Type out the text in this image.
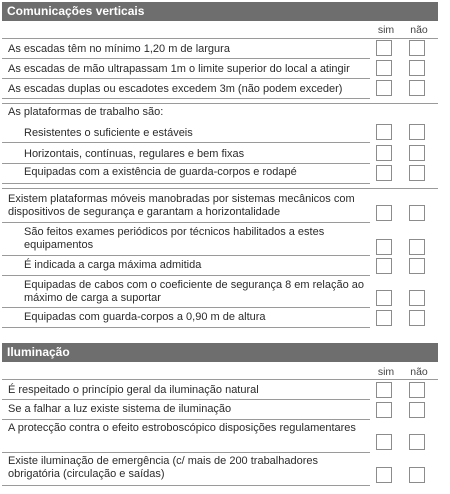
Comunicações verticais
sim	não
As escadas têm no mínimo 1,20 m de largura
As escadas de mão ultrapassam 1m o limite superior do local a atingir
As escadas duplas ou escadotes excedem 3m (não podem exceder)
As plataformas de trabalho são:
Resistentes o suficiente e estáveis
Horizontais, contínuas, regulares e bem fixas
Equipadas com a existência de guarda-corpos e rodapé
Existem plataformas móveis manobradas por sistemas mecânicos com dispositivos de segurança e garantam a horizontalidade
São feitos exames periódicos por técnicos habilitados a estes equipamentos
É indicada a carga máxima admitida
Equipadas de cabos com o coeficiente de segurança 8 em relação ao máximo de carga a suportar
Equipadas com guarda-corpos a 0,90 m de altura
Iluminação
sim	não
É respeitado o princípio geral da iluminação natural
Se a falhar a luz existe sistema de iluminação
A protecção contra o efeito estroboscópico disposições regulamentares
Existe iluminação de emergência (c/ mais de 200 trabalhadores obrigatória (circulação e saídas)
